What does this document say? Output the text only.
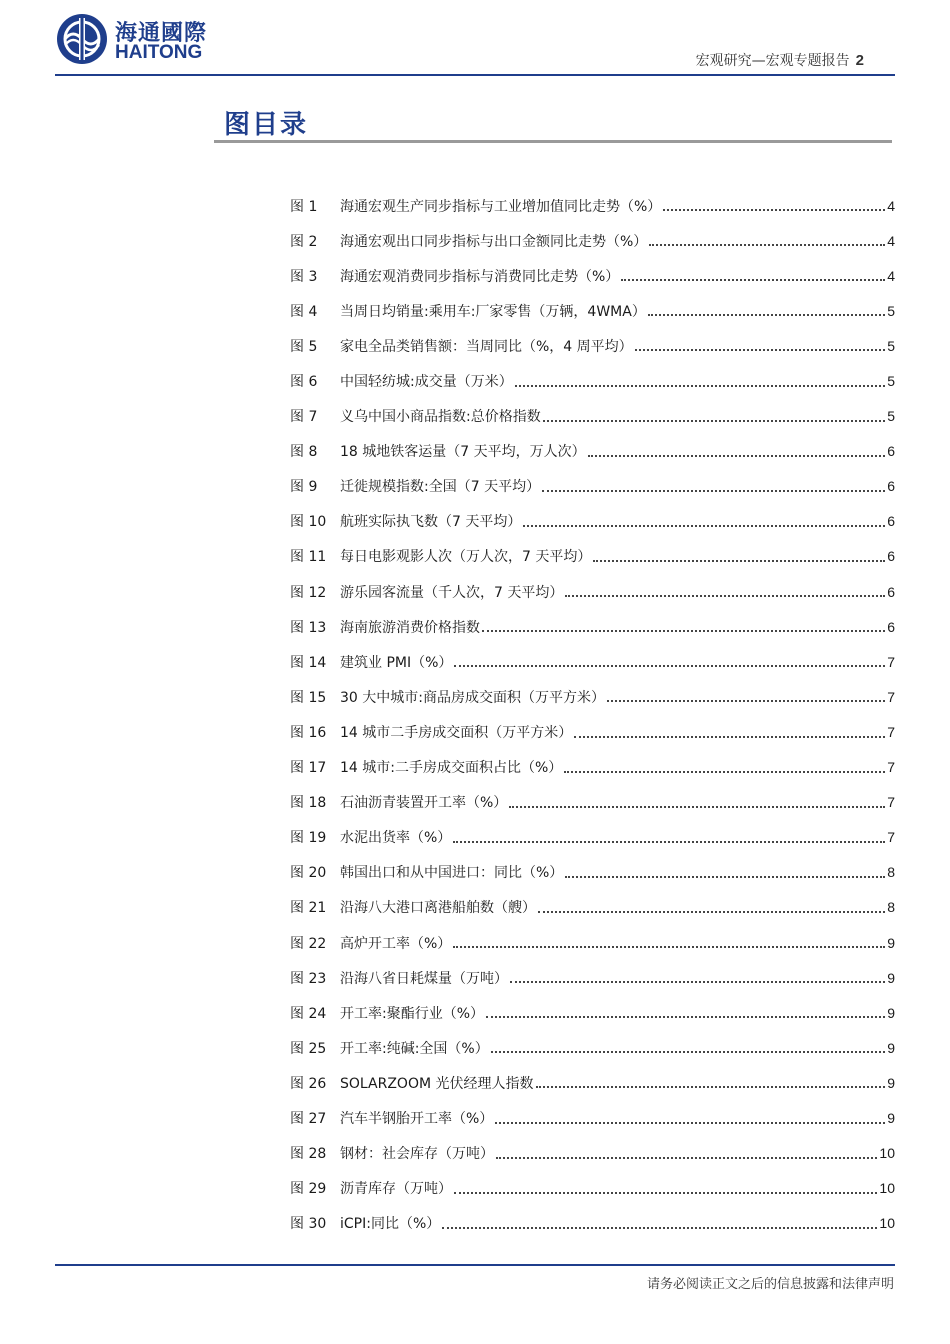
海通國際
HAITONG	宏观研究—宏观专题报告 2
图目录
图 1	海通宏观生产同步指标与工业增加值同比走势（%）	4
图 2	海通宏观出口同步指标与出口金额同比走势（%）	4
图 3	海通宏观消费同步指标与消费同比走势（%）	4
图 4	当周日均销量:乘用车:厂家零售（万辆，4WMA）	5
图 5	家电全品类销售额：当周同比（%，4 周平均）	5
图 6	中国轻纺城:成交量（万米）	5
图 7	义乌中国小商品指数:总价格指数	5
图 8	18 城地铁客运量（7 天平均，万人次）	6
图 9	迁徙规模指数:全国（7 天平均）	6
图 10 航班实际执飞数（7 天平均）	6
图 11 每日电影观影人次（万人次，7 天平均）	6
图 12 游乐园客流量（千人次，7 天平均）	6
图 13 海南旅游消费价格指数	6
图 14 建筑业 PMI（%）	7
图 15 30 大中城市:商品房成交面积（万平方米）	7
图 16 14 城市二手房成交面积（万平方米）	7
图 17 14 城市:二手房成交面积占比（%）	7
图 18 石油沥青装置开工率（%）	7
图 19 水泥出货率（%）	7
图 20 韩国出口和从中国进口：同比（%）	8
图 21 沿海八大港口离港船舶数（艘）	8
图 22 高炉开工率（%）	9
图 23 沿海八省日耗煤量（万吨）	9
图 24 开工率:聚酯行业（%）	9
图 25 开工率:纯碱:全国（%）	9
图 26 SOLARZOOM 光伏经理人指数	9
图 27 汽车半钢胎开工率（%）	9
图 28 钢材：社会库存（万吨）	10
图 29 沥青库存（万吨）	10
图 30 iCPI:同比（%）	10
请务必阅读正文之后的信息披露和法律声明
